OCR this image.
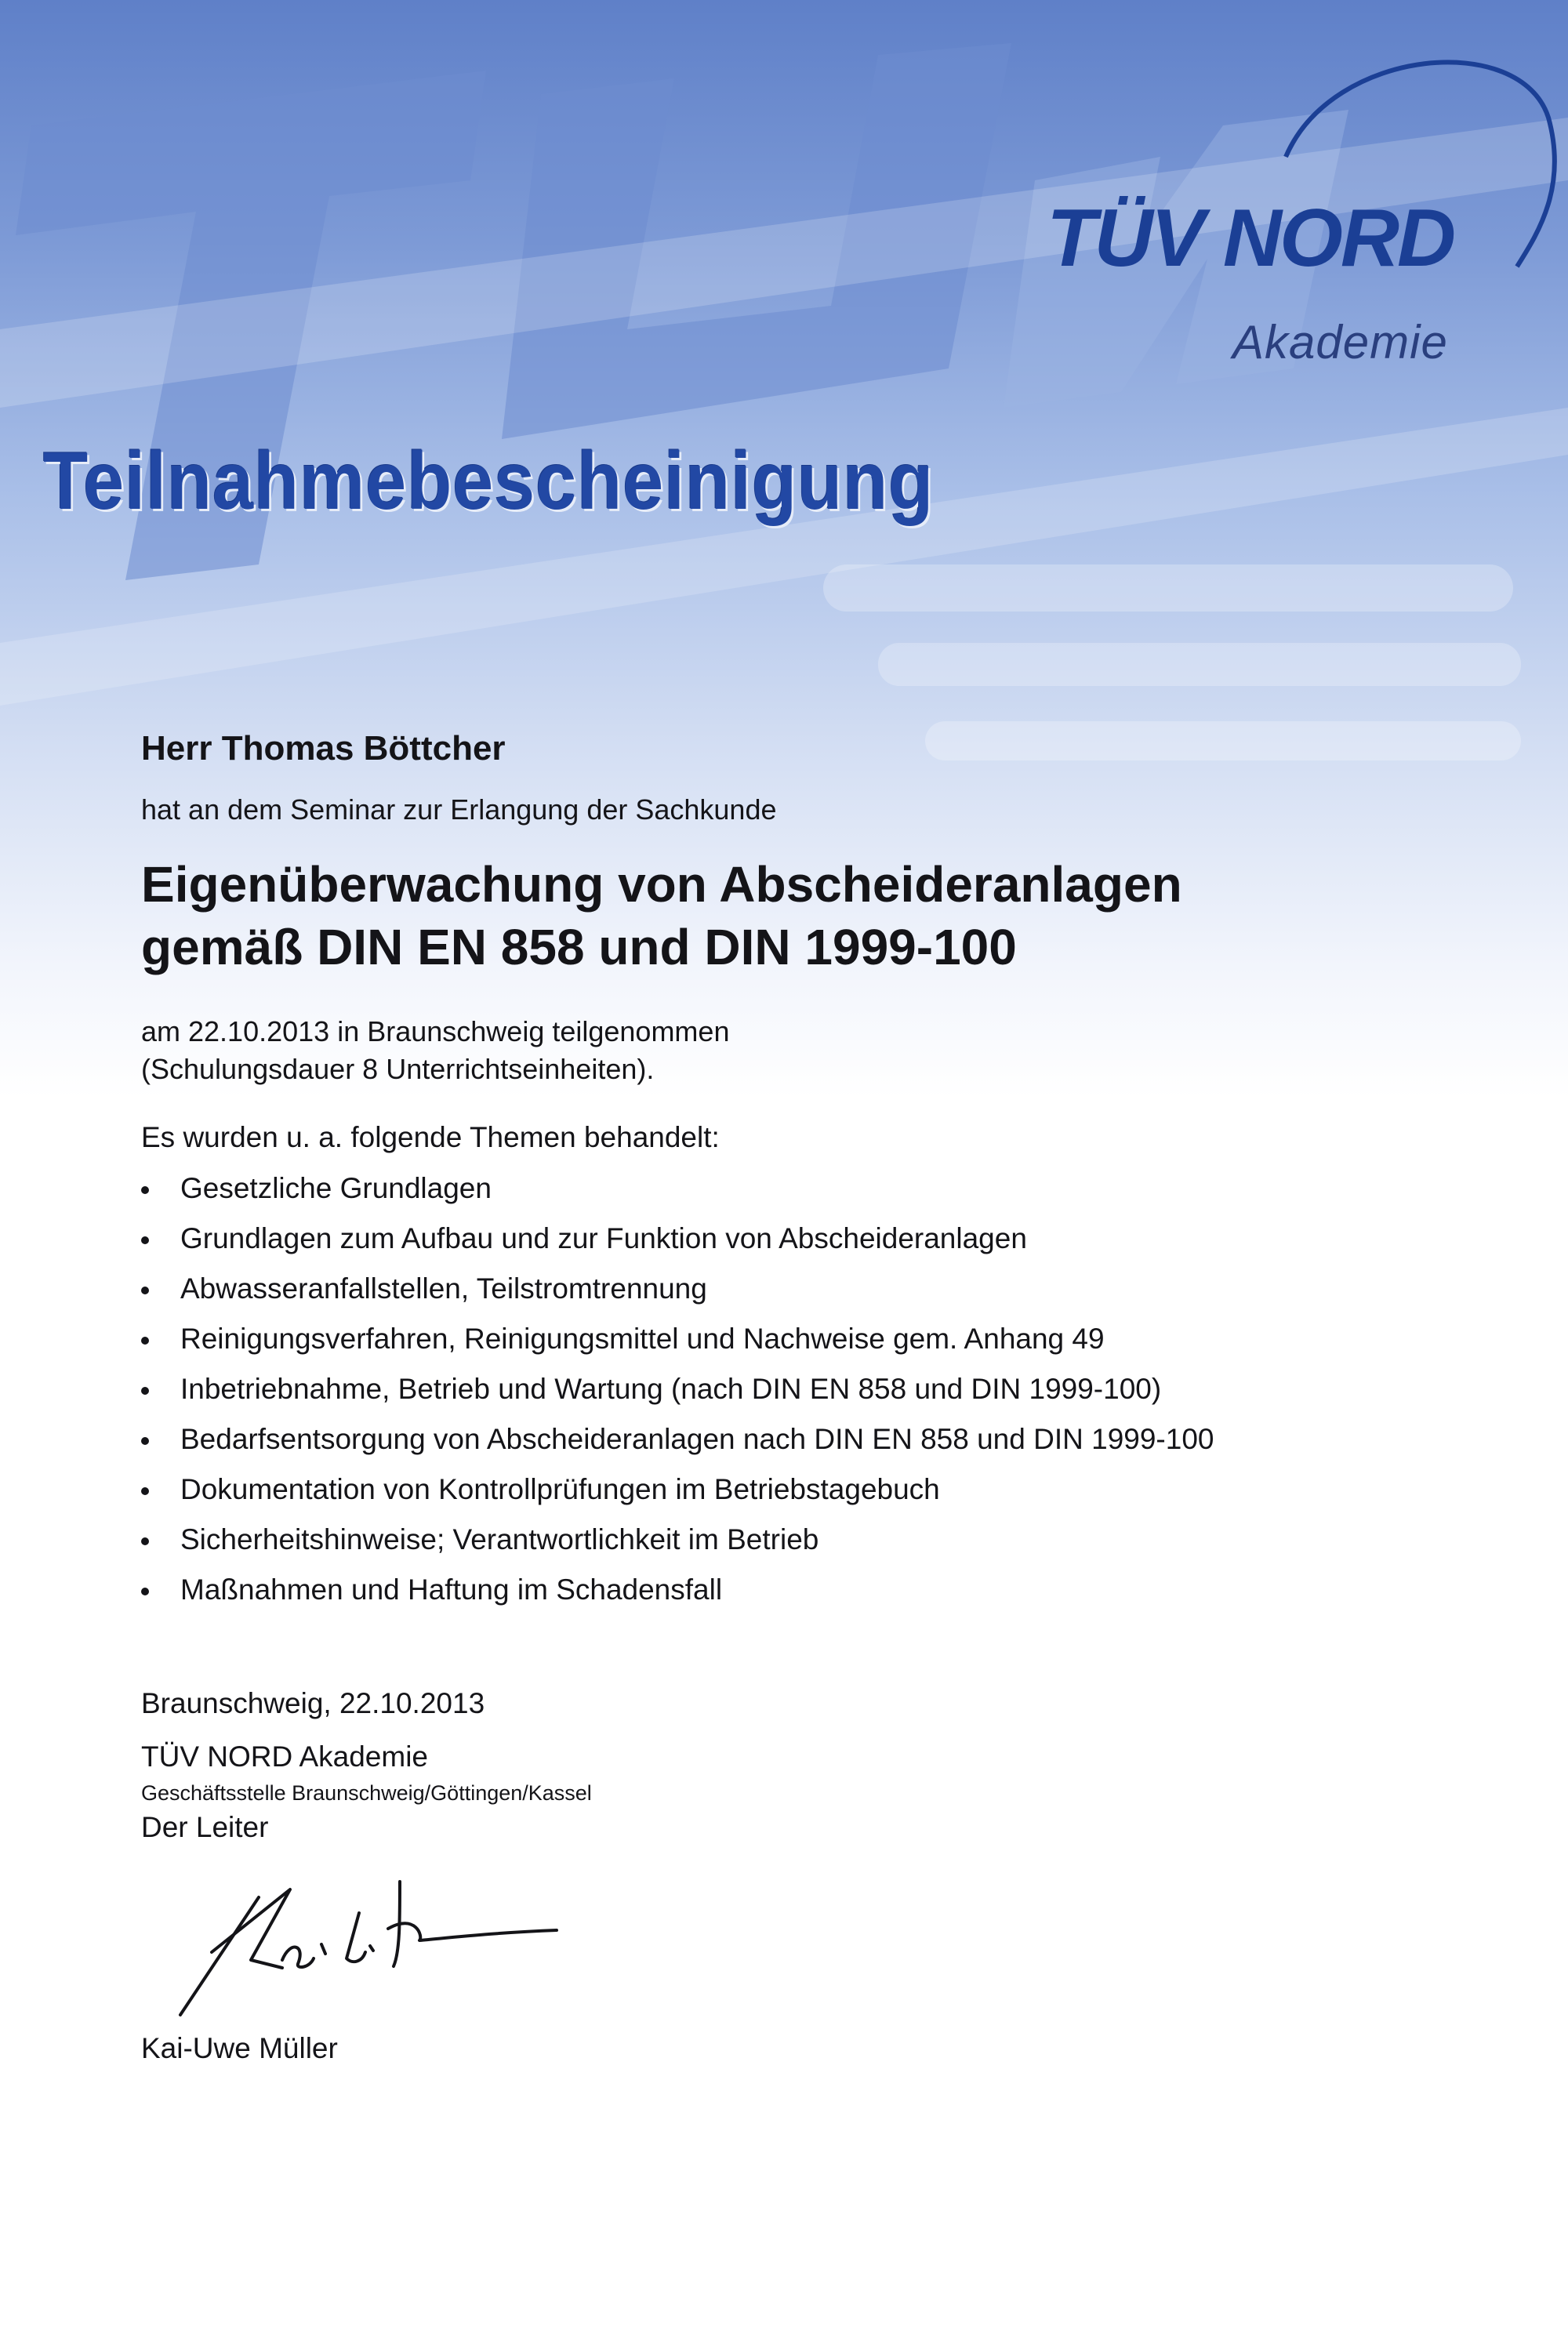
TÜV NORD
Akademie
Teilnahmebescheinigung
Herr Thomas Böttcher
hat an dem Seminar zur Erlangung der Sachkunde
Eigenüberwachung von Abscheideranlagen
gemäß DIN EN 858 und DIN 1999-100
am 22.10.2013 in Braunschweig teilgenommen
(Schulungsdauer 8 Unterrichtseinheiten).
Es wurden u. a. folgende Themen behandelt:
Gesetzliche Grundlagen
Grundlagen zum Aufbau und zur Funktion von Abscheideranlagen
Abwasseranfallstellen, Teilstromtrennung
Reinigungsverfahren, Reinigungsmittel und Nachweise gem. Anhang 49
Inbetriebnahme, Betrieb und Wartung (nach DIN EN 858 und DIN 1999-100)
Bedarfsentsorgung von Abscheideranlagen nach DIN EN 858 und DIN 1999-100
Dokumentation von Kontrollprüfungen im Betriebstagebuch
Sicherheitshinweise; Verantwortlichkeit im Betrieb
Maßnahmen und Haftung im Schadensfall
Braunschweig, 22.10.2013
TÜV NORD Akademie
Geschäftsstelle Braunschweig/Göttingen/Kassel
Der Leiter
Kai-Uwe Müller
